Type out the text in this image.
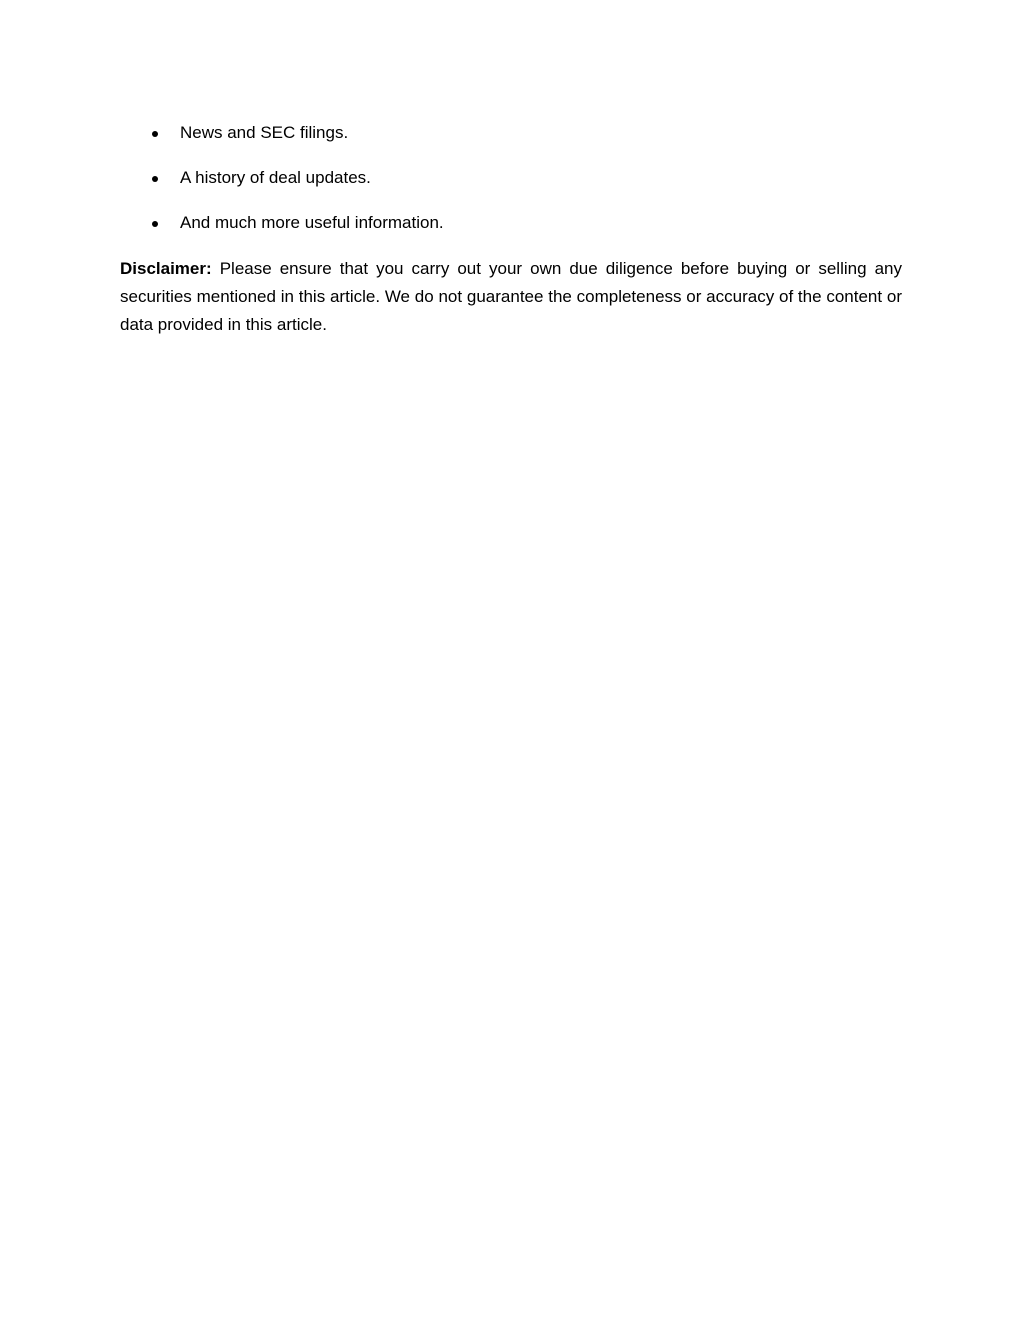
News and SEC filings.
A history of deal updates.
And much more useful information.

Disclaimer: Please ensure that you carry out your own due diligence before buying or selling any securities mentioned in this article. We do not guarantee the completeness or accuracy of the content or data provided in this article.
